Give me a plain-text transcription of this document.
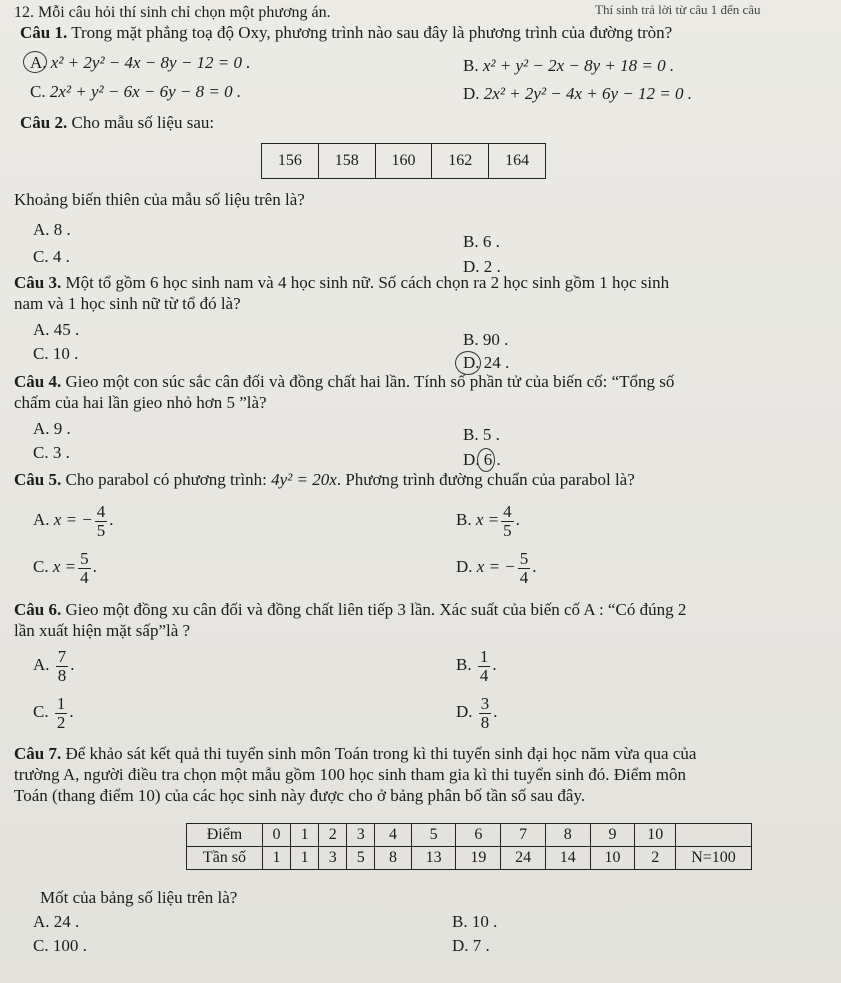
12. Mỗi câu hỏi thí sinh chỉ chọn một phương án.	Thí sinh trả lời từ câu 1 đến câu
Câu 1. Trong mặt phẳng toạ độ Oxy, phương trình nào sau đây là phương trình của đường tròn?
A. x² + 2y² − 4x − 8y − 12 = 0 .	B. x² + y² − 2x − 8y + 18 = 0 .
C. 2x² + y² − 6x − 6y − 8 = 0 .	D. 2x² + 2y² − 4x + 6y − 12 = 0 .
Câu 2. Cho mẫu số liệu sau:
156	158	160	162	164
Khoảng biến thiên của mẫu số liệu trên là?
A. 8 .
B. 6 .
C. 4 .
D. 2 .
Câu 3. Một tổ gồm 6 học sinh nam và 4 học sinh nữ. Số cách chọn ra 2 học sinh gồm 1 học sinh
nam và 1 học sinh nữ từ tổ đó là?
A. 45 .
B. 90 .
C. 10 .	D. 24 .
Câu 4. Gieo một con súc sắc cân đối và đồng chất hai lần. Tính số phần tử của biến cố: “Tổng số
chấm của hai lần gieo nhỏ hơn 5 ”là?
A. 9 .	B. 5 .
C. 3 .	D. 6 .
Câu 5. Cho parabol có phương trình: 4y² = 20x. Phương trình đường chuẩn của parabol là?
A. x = − $\frac{4}{5}$ .	B. $x = \frac{4}{5}$ .
C. $x = \frac{5}{4}$ .	D. x = − $\frac{5}{4}$ .
Câu 6. Gieo một đồng xu cân đối và đồng chất liên tiếp 3 lần. Xác suất của biến cố A : “Có đúng 2
lần xuất hiện mặt sấp”là ?
A. $\frac{7}{8}$ .	B. $\frac{1}{4}$ .
C. $\frac{1}{2}$ .	D. $\frac{3}{8}$ .
Câu 7. Để khảo sát kết quả thi tuyển sinh môn Toán trong kì thi tuyển sinh đại học năm vừa qua của
trường A, người điều tra chọn một mẫu gồm 100 học sinh tham gia kì thi tuyển sinh đó. Điểm môn
Toán (thang điểm 10) của các học sinh này được cho ở bảng phân bố tần số sau đây.
Điểm	0	1	2	3	4	5	6	7	8	9	10	
Tần số	1	1	3	5	8	13	19	24	14	10	2	N=100
Mốt của bảng số liệu trên là?
A. 24 .	B. 10 .
C. 100 .	D. 7 .
